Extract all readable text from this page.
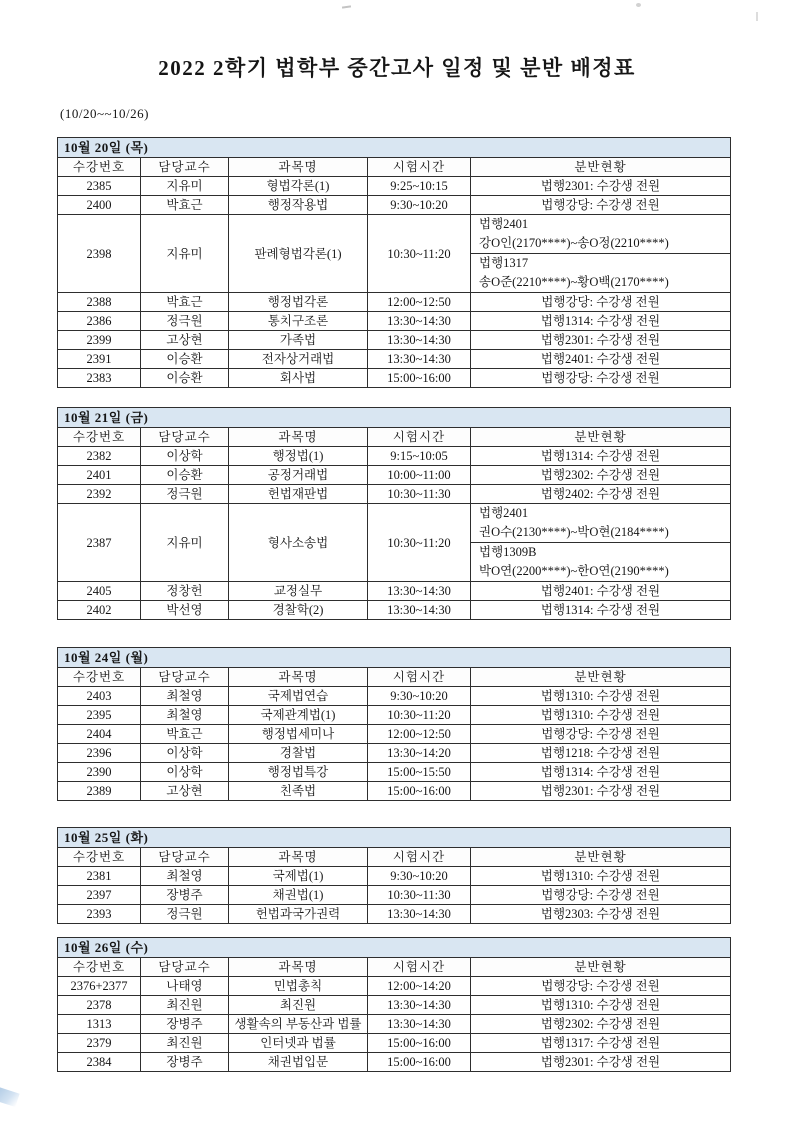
2022 2학기 법학부 중간고사 일정 및 분반 배정표
(10/20~~10/26)
10월 20일 (목)				
수강번호	담당교수	과목명	시험시간	분반현황
2385	지유미	형법각론(1)	9:25~10:15	법행2301: 수강생 전원
2400	박효근	행정작용법	9:30~10:20	법행강당: 수강생 전원
2398	지유미	판례형법각론(1)	10:30~11:20	법행2401
강O인(2170****)~송O정(2210****)
법행1317
송O준(2210****)~황O백(2170****)

2388	박효근	행정법각론	12:00~12:50	법행강당: 수강생 전원
2386	정극원	통치구조론	13:30~14:30	법행1314: 수강생 전원
2399	고상현	가족법	13:30~14:30	법행2301: 수강생 전원
2391	이승환	전자상거래법	13:30~14:30	법행2401: 수강생 전원
2383	이승환	회사법	15:00~16:00	법행강당: 수강생 전원
10월 21일 (금)				
수강번호	담당교수	과목명	시험시간	분반현황
2382	이상학	행정법(1)	9:15~10:05	법행1314: 수강생 전원
2401	이승환	공정거래법	10:00~11:00	법행2302: 수강생 전원
2392	정극원	헌법재판법	10:30~11:30	법행2402: 수강생 전원
2387	지유미	형사소송법	10:30~11:20	법행2401
권O수(2130****)~박O현(2184****)
법행1309B
박O연(2200****)~한O연(2190****)

2405	정창헌	교정실무	13:30~14:30	법행2401: 수강생 전원
2402	박선영	경찰학(2)	13:30~14:30	법행1314: 수강생 전원
10월 24일 (월)				
수강번호	담당교수	과목명	시험시간	분반현황
2403	최철영	국제법연습	9:30~10:20	법행1310: 수강생 전원
2395	최철영	국제관계법(1)	10:30~11:20	법행1310: 수강생 전원
2404	박효근	행정법세미나	12:00~12:50	법행강당: 수강생 전원
2396	이상학	경찰법	13:30~14:20	법행1218: 수강생 전원
2390	이상학	행정법특강	15:00~15:50	법행1314: 수강생 전원
2389	고상현	친족법	15:00~16:00	법행2301: 수강생 전원
10월 25일 (화)				
수강번호	담당교수	과목명	시험시간	분반현황
2381	최철영	국제법(1)	9:30~10:20	법행1310: 수강생 전원
2397	장병주	채권법(1)	10:30~11:30	법행강당: 수강생 전원
2393	정극원	헌법과국가권력	13:30~14:30	법행2303: 수강생 전원
10월 26일 (수)				
수강번호	담당교수	과목명	시험시간	분반현황
2376+2377	나태영	민법총칙	12:00~14:20	법행강당: 수강생 전원
2378	최진원	최진원	13:30~14:30	법행1310: 수강생 전원
1313	장병주	생활속의 부동산과 법률	13:30~14:30	법행2302: 수강생 전원
2379	최진원	인터넷과 법률	15:00~16:00	법행1317: 수강생 전원
2384	장병주	채권법입문	15:00~16:00	법행2301: 수강생 전원
